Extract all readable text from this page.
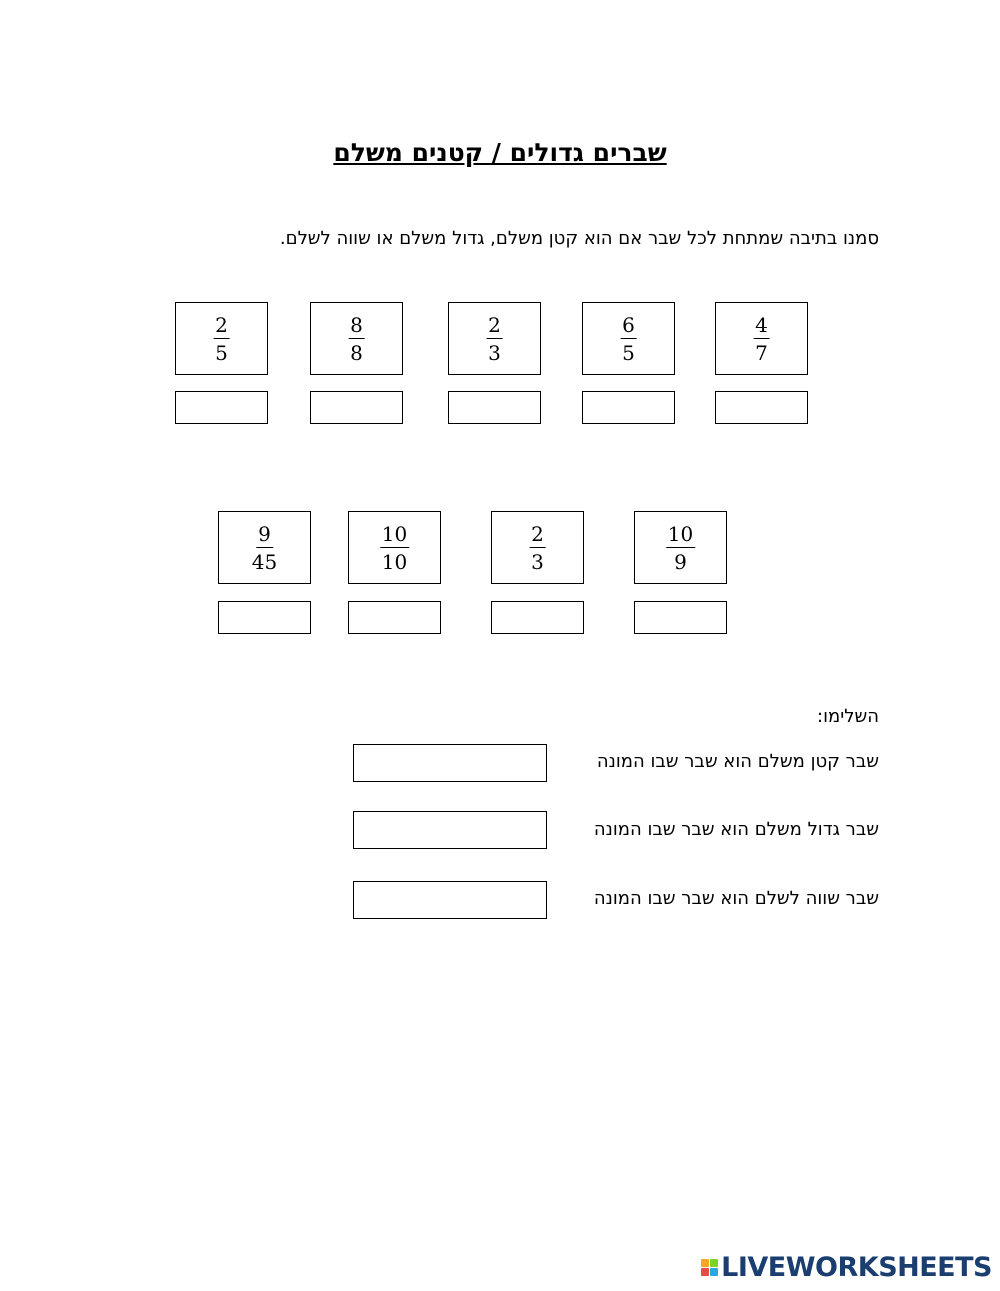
שברים גדולים / קטנים משלם
סמנו בתיבה שמתחת לכל שבר אם הוא קטן משלם, גדול משלם או שווה לשלם.
$\frac{2}{5}$	$\frac{8}{8}$	$\frac{2}{3}$	$\frac{6}{5}$	$\frac{4}{7}$
$\frac{9}{45}$	$\frac{10}{10}$	$\frac{2}{3}$	$\frac{10}{9}$
השלימו:
שבר קטן משלם הוא שבר שבו המונה
שבר גדול משלם הוא שבר שבו המונה
שבר שווה לשלם הוא שבר שבו המונה
LIVEWORKSHEETS
